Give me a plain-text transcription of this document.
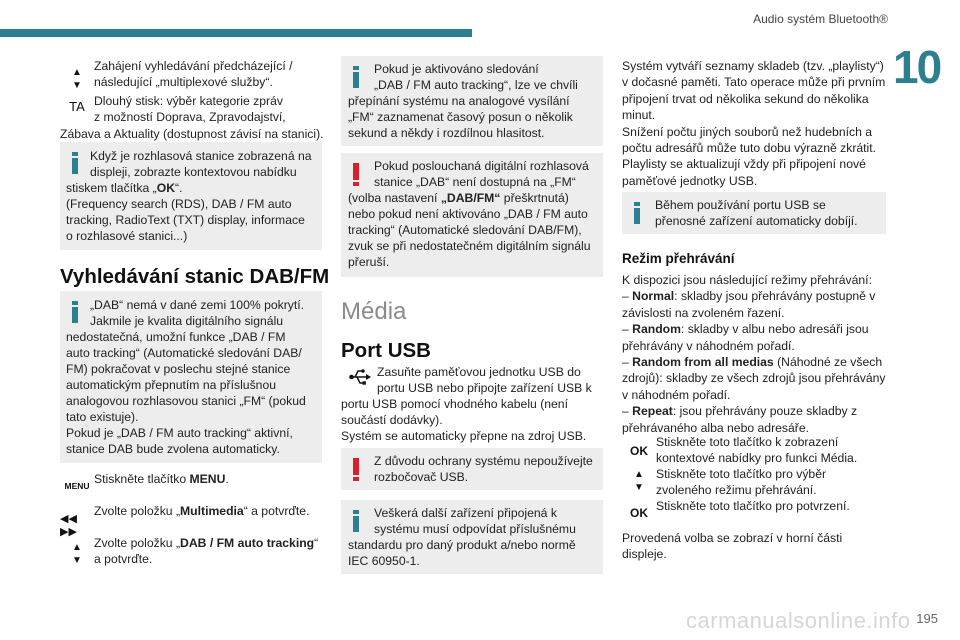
Audio systém Bluetooth®
10
▲
▼
Zahájení vyhledávání předcházející / následující „multiplexové služby“.
TA Dlouhý stisk: výběr kategorie zpráv
z možností Doprava, Zpravodajství,
Zábava a Aktuality (dostupnost závisí na stanici).
Když je rozhlasová stanice zobrazená na
displeji, zobrazte kontextovou nabídku
stiskem tlačítka „OK“.
(Frequency search (RDS), DAB / FM auto
tracking, RadioText (TXT) display, informace
o rozhlasové stanici...)
Vyhledávání stanic DAB/FM
„DAB“ nemá v dané zemi 100% pokrytí.
Jakmile je kvalita digitálního signálu
nedostatečná, umožní funkce „DAB / FM
auto tracking“ (Automatické sledování DAB/
FM) pokračovat v poslechu stejné stanice
automatickým přepnutím na příslušnou
analogovou rozhlasovou stanici „FM“ (pokud
tato existuje).
Pokud je „DAB / FM auto tracking“ aktivní,
stanice DAB bude zvolena automaticky.
MENU Stiskněte tlačítko MENU.
◀◀ ▶▶
Zvolte položku „Multimedia“ a potvrďte.
▲
▼
Zvolte položku „DAB / FM auto tracking“
a potvrďte.
Pokud je aktivováno sledování
„DAB / FM auto tracking“, lze ve chvíli
přepínání systému na analogové vysílání
„FM“ zaznamenat časový posun o několik
sekund a někdy i rozdílnou hlasitost.
Pokud poslouchaná digitální rozhlasová
stanice „DAB“ není dostupná na „FM“
(volba nastavení „DAB/FM“ přeškrtnutá)
nebo pokud není aktivováno „DAB / FM auto
tracking“ (Automatické sledování DAB/FM),
zvuk se při nedostatečném digitálním signálu
přeruší.
Média
Port USB
Zasuňte paměťovou jednotku USB do
portu USB nebo připojte zařízení USB k
portu USB pomocí vhodného kabelu (není
součástí dodávky).
Systém se automaticky přepne na zdroj USB.
Z důvodu ochrany systému nepoužívejte
rozbočovač USB.
Veškerá další zařízení připojená k
systému musí odpovídat příslušnému
standardu pro daný produkt a/nebo normě
IEC 60950-1.
Systém vytváří seznamy skladeb (tzv. „playlisty“)
v dočasné paměti. Tato operace může při prvním
připojení trvat od několika sekund do několika
minut.
Snížení počtu jiných souborů než hudebních a
počtu adresářů může tuto dobu výrazně zkrátit.
Playlisty se aktualizují vždy při připojení nové
paměťové jednotky USB.
Během používání portu USB se
přenosné zařízení automaticky dobíjí.
Režim přehrávání
K dispozici jsou následující režimy přehrávání:
– Normal: skladby jsou přehrávány postupně v
závislosti na zvoleném řazení.
– Random: skladby v albu nebo adresáři jsou
přehrávány v náhodném pořadí.
– Random from all medias (Náhodné ze všech
zdrojů): skladby ze všech zdrojů jsou přehrávány
v náhodném pořadí.
– Repeat: jsou přehrávány pouze skladby z
přehrávaného alba nebo adresáře.
OK
Stiskněte toto tlačítko k zobrazení
kontextové nabídky pro funkci Média.
▲
▼
Stiskněte toto tlačítko pro výběr
zvoleného režimu přehrávání.
OK Stiskněte toto tlačítko pro potvrzení.
Provedená volba se zobrazí v horní části
displeje.
carmanualsonline.info 195
